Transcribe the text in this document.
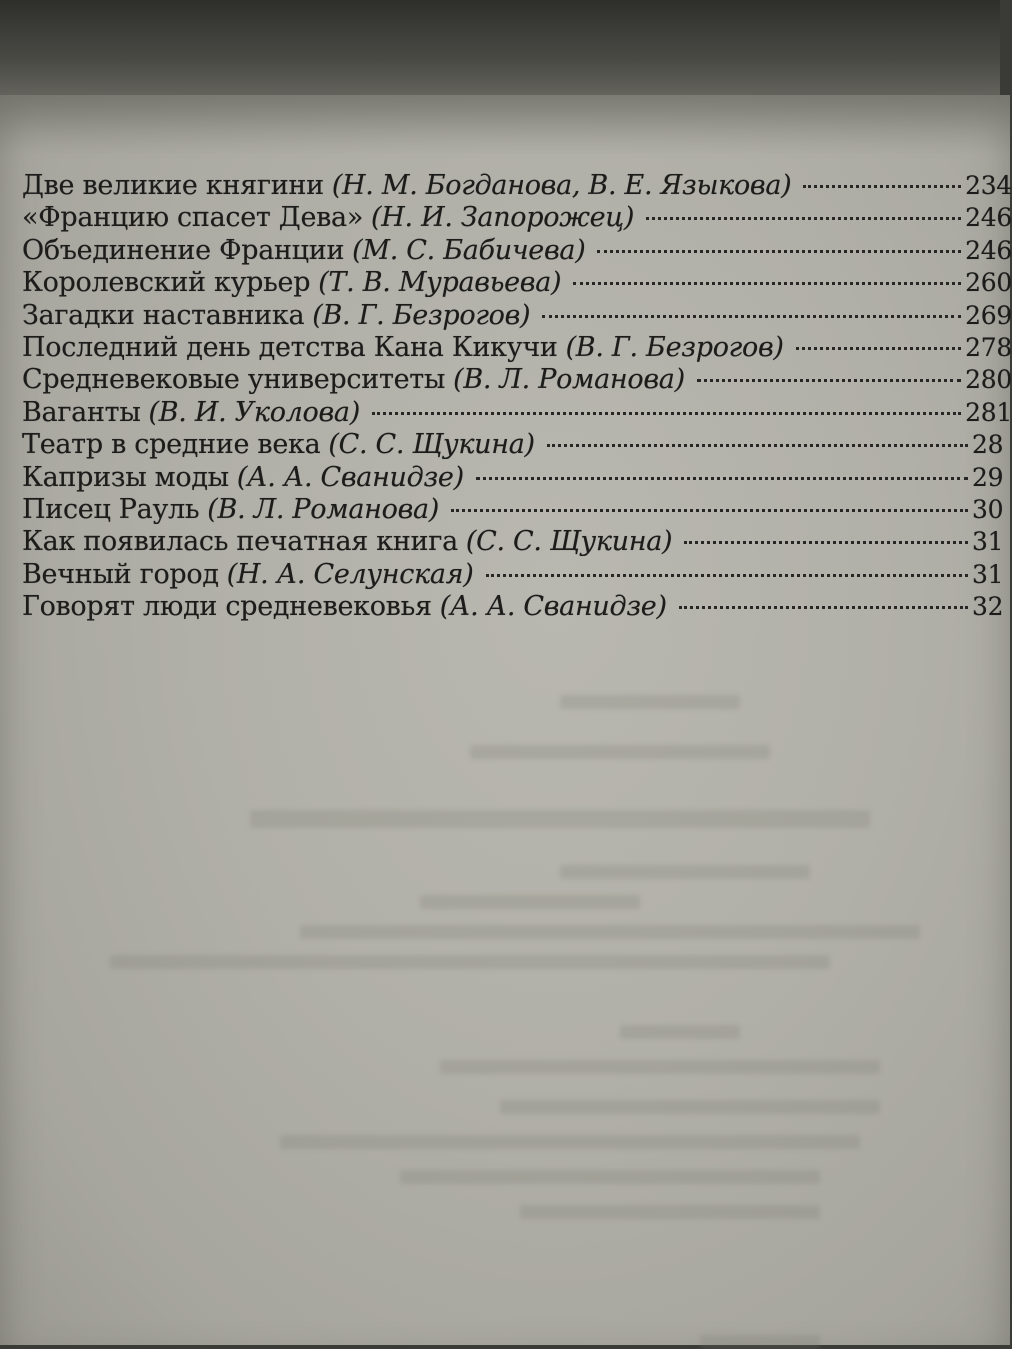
Две великие княгини (Н. М. Богданова, В. Е. Языкова)	234
«Францию спасет Дева» (Н. И. Запорожец)	246
Объединение Франции (М. С. Бабичева)	246
Королевский курьер (Т. В. Муравьева)	260
Загадки наставника (В. Г. Безрогов)	269
Последний день детства Кана Кикучи (В. Г. Безрогов)	278
Средневековые университеты (В. Л. Романова)	280
Ваганты (В. И. Уколова)	281
Театр в средние века (С. С. Щукина)	28
Капризы моды (А. А. Сванидзе)	29
Писец Рауль (В. Л. Романова)	30
Как появилась печатная книга (С. С. Щукина)	31
Вечный город (Н. А. Селунская)	31
Говорят люди средневековья (А. А. Сванидзе)	32
